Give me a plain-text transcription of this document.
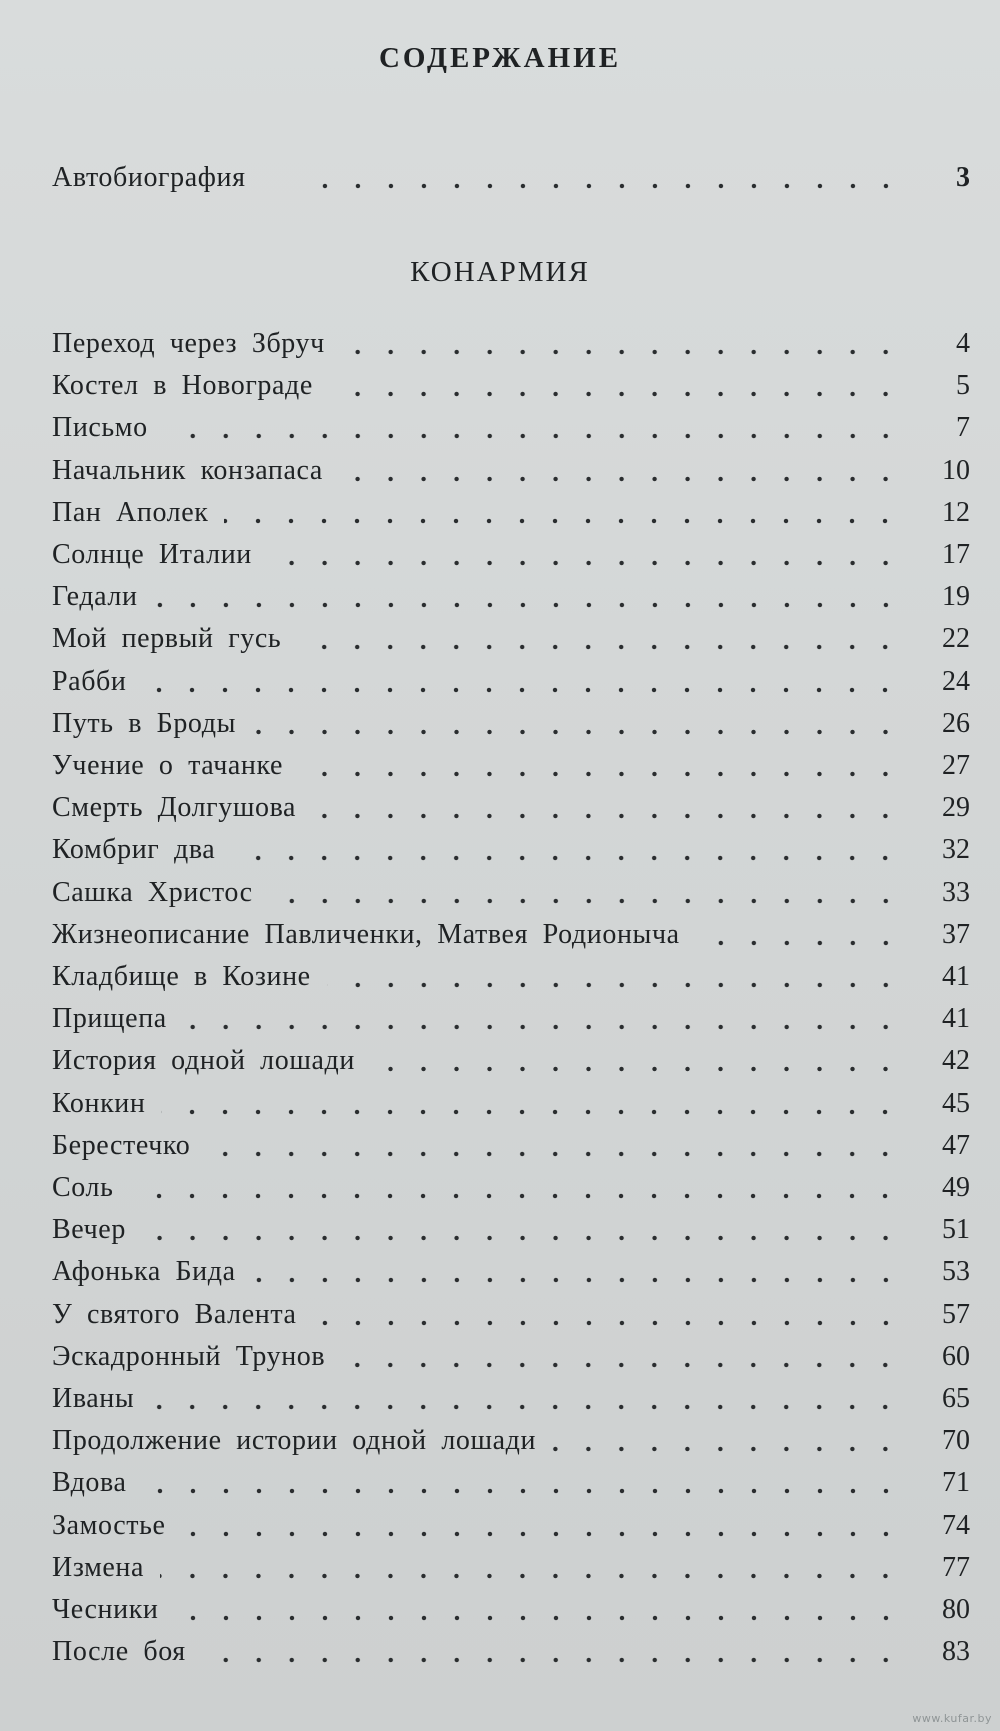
СОДЕРЖАНИЕ
Автобиография	3
КОНАРМИЯ
Переход через Збруч	4
Костел в Новограде	5
Письмо	7
Начальник конзапаса	10
Пан Аполек	12
Солнце Италии	17
Гедали	19
Мой первый гусь	22
Рабби	24
Путь в Броды	26
Учение о тачанке	27
Смерть Долгушова	29
Комбриг два	32
Сашка Христос	33
Жизнеописание Павличенки, Матвея Родионыча	37
Кладбище в Козине	41
Прищепа	41
История одной лошади	42
Конкин	45
Берестечко	47
Соль	49
Вечер	51
Афонька Бида	53
У святого Валента	57
Эскадронный Трунов	60
Иваны	65
Продолжение истории одной лошади	70
Вдова	71
Замостье	74
Измена	77
Чесники	80
После боя	83
www.kufar.by
